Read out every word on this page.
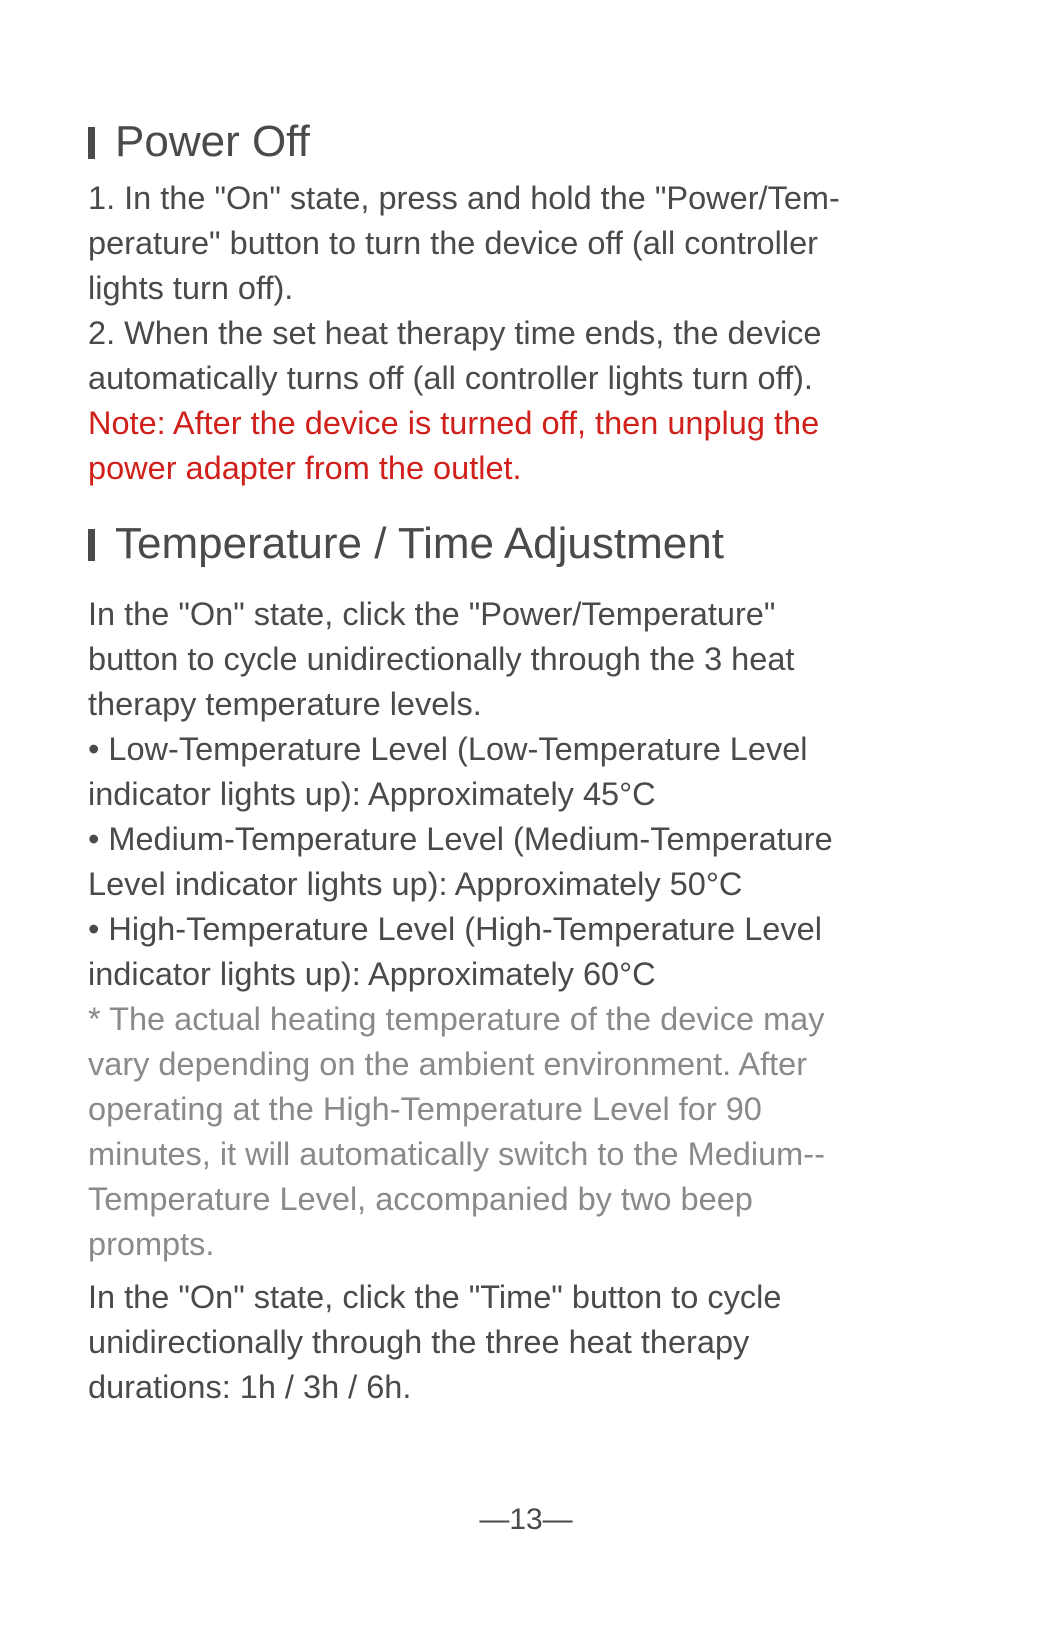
Power Off
1. In the "On" state, press and hold the "Power/Tem-
perature" button to turn the device off (all controller
lights turn off).
2. When the set heat therapy time ends, the device
automatically turns off (all controller lights turn off).
Note: After the device is turned off, then unplug the
power adapter from the outlet.
Temperature / Time Adjustment
In the "On" state, click the "Power/Temperature"
button to cycle unidirectionally through the 3 heat
therapy temperature levels.
• Low-Temperature Level (Low-Temperature Level
indicator lights up): Approximately 45°C
• Medium-Temperature Level (Medium-Temperature
Level indicator lights up): Approximately 50°C
• High-Temperature Level (High-Temperature Level
indicator lights up): Approximately 60°C
* The actual heating temperature of the device may
vary depending on the ambient environment. After
operating at the High-Temperature Level for 90
minutes, it will automatically switch to the Medium--
Temperature Level, accompanied by two beep
prompts.
In the "On" state, click the "Time" button to cycle
unidirectionally through the three heat therapy
durations: 1h / 3h / 6h.
—13—
